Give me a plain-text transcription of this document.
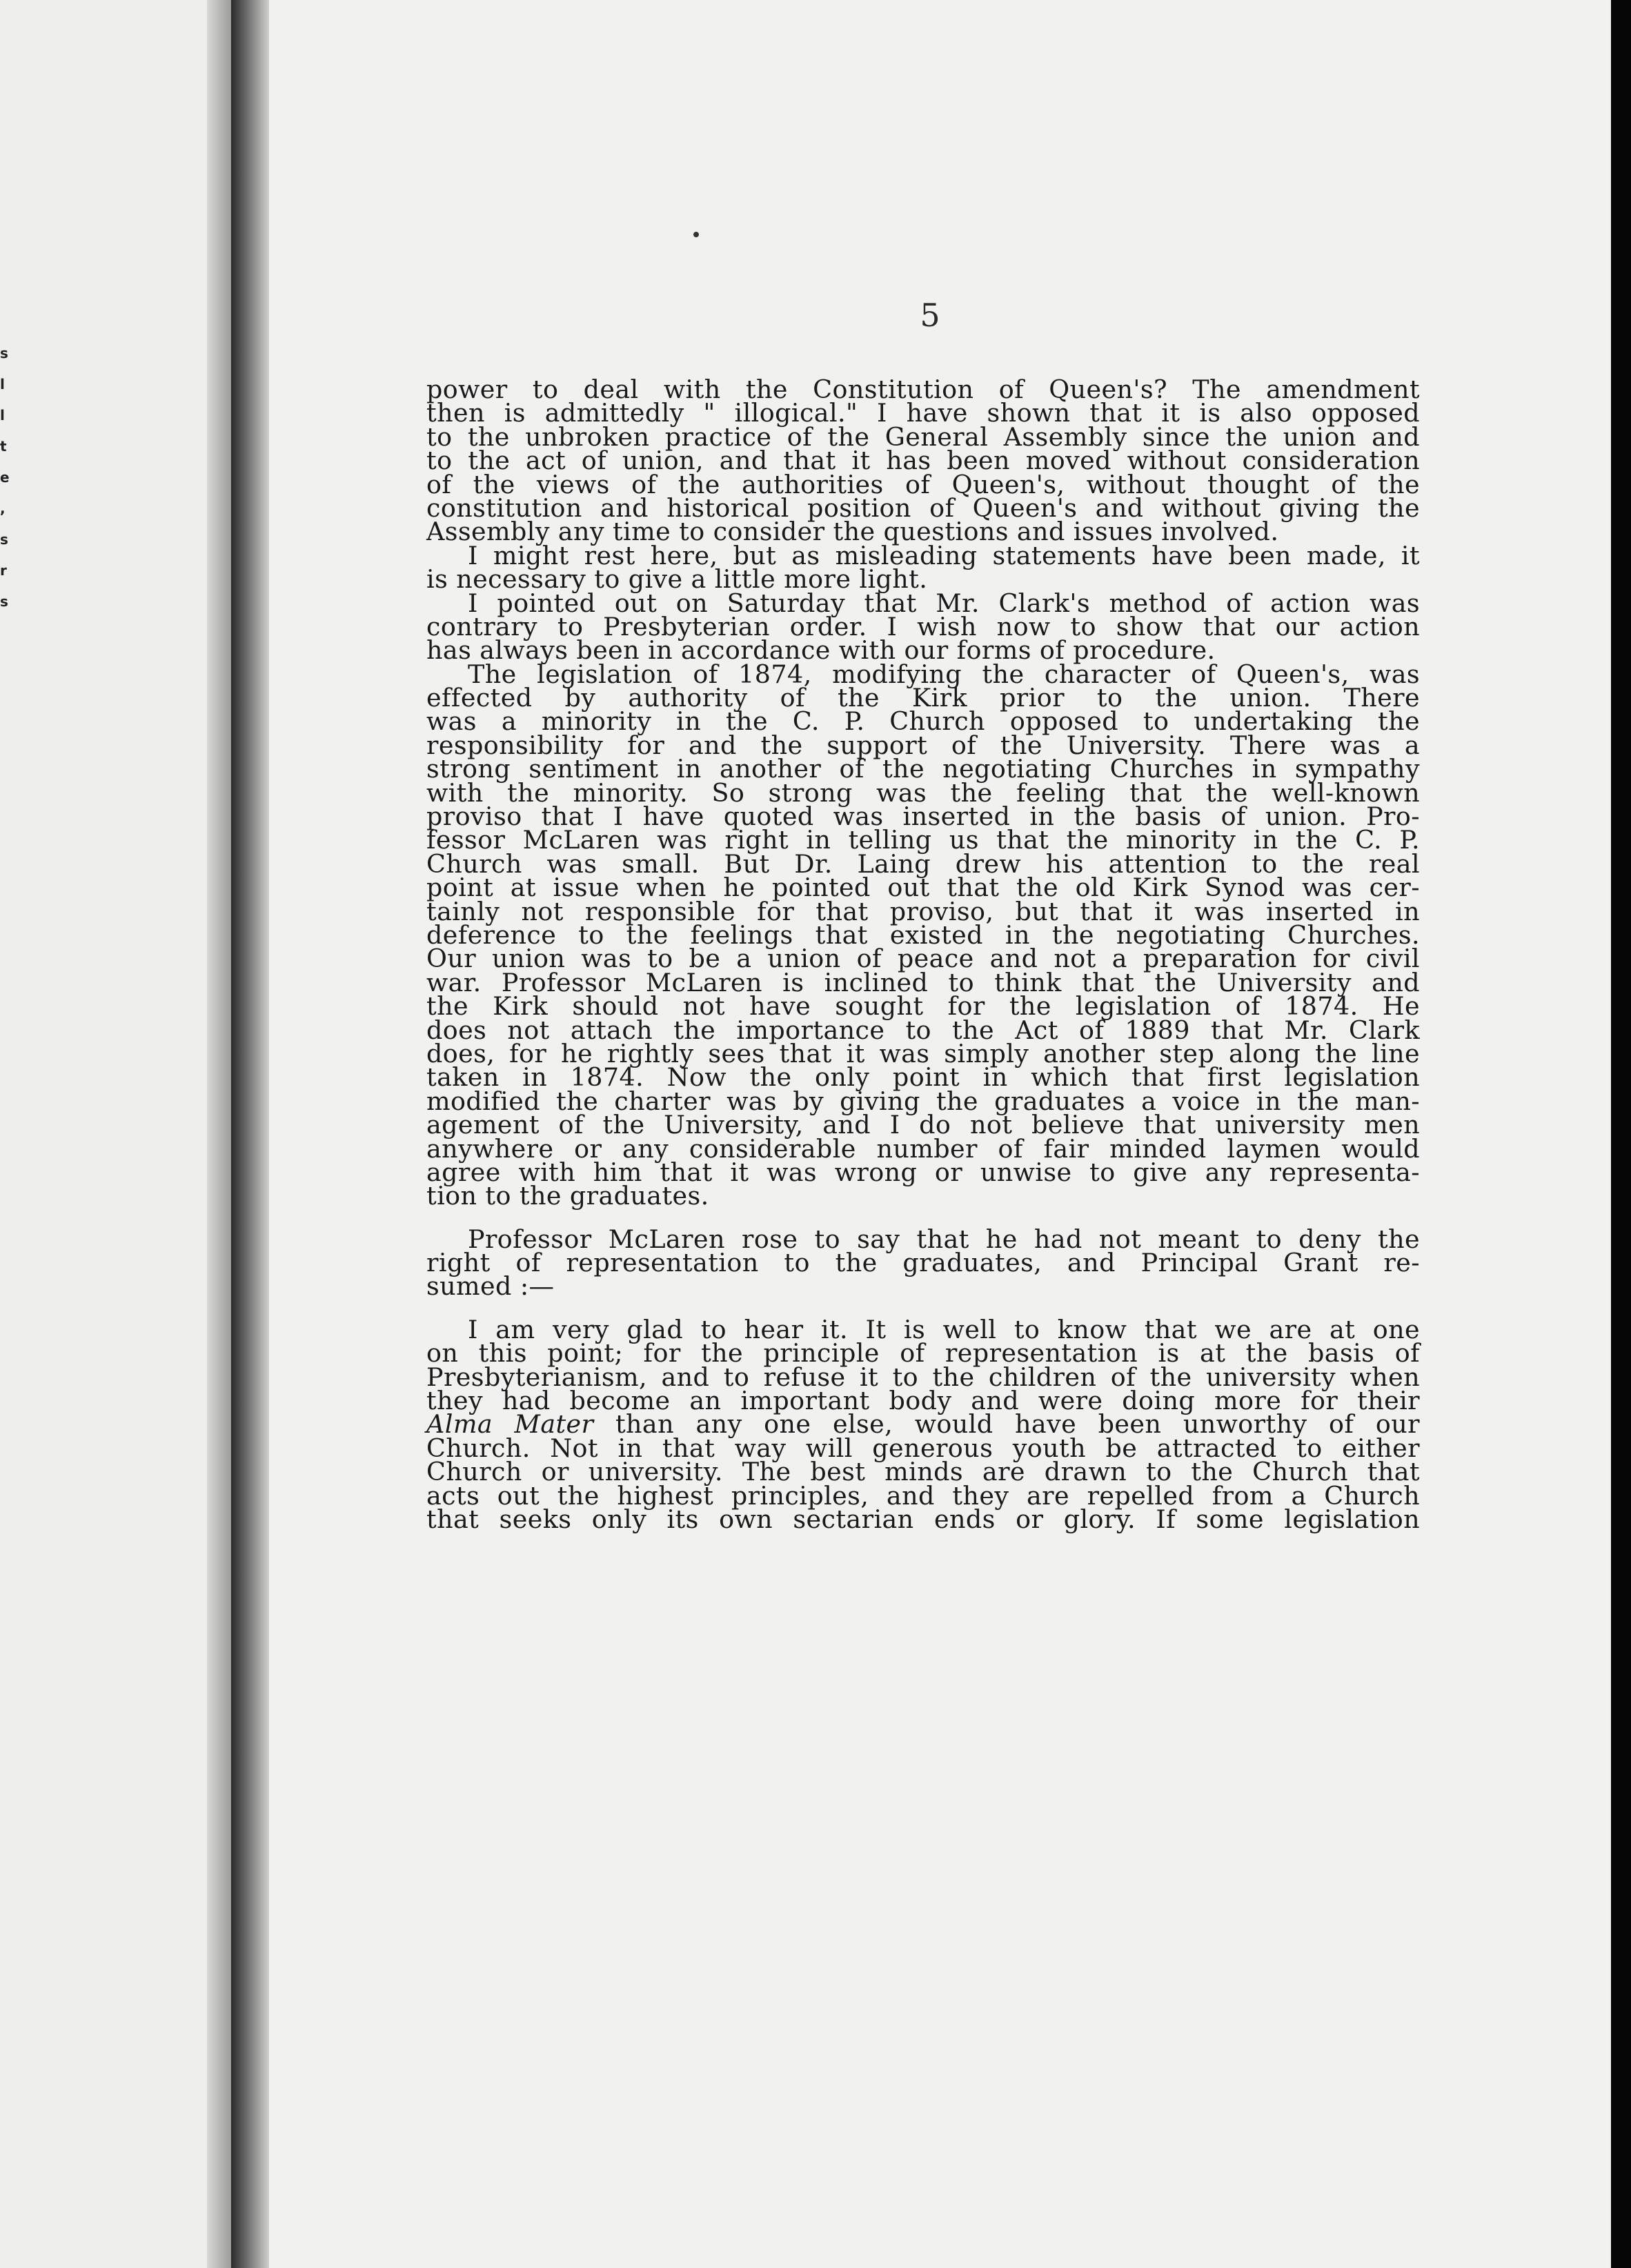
s
l
l
t
e
,
s
r
s
5
power to deal with the Constitution of Queen's? The amendment
then is admittedly " illogical." I have shown that it is also opposed
to the unbroken practice of the General Assembly since the union and
to the act of union, and that it has been moved without consideration
of the views of the authorities of Queen's, without thought of the
constitution and historical position of Queen's and without giving the
Assembly any time to consider the questions and issues involved.
I might rest here, but as misleading statements have been made, it
is necessary to give a little more light.
I pointed out on Saturday that Mr. Clark's method of action was
contrary to Presbyterian order. I wish now to show that our action
has always been in accordance with our forms of procedure.
The legislation of 1874, modifying the character of Queen's, was
effected by authority of the Kirk prior to the union. There
was a minority in the C. P. Church opposed to undertaking the
responsibility for and the support of the University. There was a
strong sentiment in another of the negotiating Churches in sympathy
with the minority. So strong was the feeling that the well-known
proviso that I have quoted was inserted in the basis of union. Pro-
fessor McLaren was right in telling us that the minority in the C. P.
Church was small. But Dr. Laing drew his attention to the real
point at issue when he pointed out that the old Kirk Synod was cer-
tainly not responsible for that proviso, but that it was inserted in
deference to the feelings that existed in the negotiating Churches.
Our union was to be a union of peace and not a preparation for civil
war. Professor McLaren is inclined to think that the University and
the Kirk should not have sought for the legislation of 1874. He
does not attach the importance to the Act of 1889 that Mr. Clark
does, for he rightly sees that it was simply another step along the line
taken in 1874. Now the only point in which that first legislation
modified the charter was by giving the graduates a voice in the man-
agement of the University, and I do not believe that university men
anywhere or any considerable number of fair minded laymen would
agree with him that it was wrong or unwise to give any representa-
tion to the graduates.
Professor McLaren rose to say that he had not meant to deny the
right of representation to the graduates, and Principal Grant re-
sumed :—
I am very glad to hear it. It is well to know that we are at one
on this point; for the principle of representation is at the basis of
Presbyterianism, and to refuse it to the children of the university when
they had become an important body and were doing more for their
Alma Mater than any one else, would have been unworthy of our
Church. Not in that way will generous youth be attracted to either
Church or university. The best minds are drawn to the Church that
acts out the highest principles, and they are repelled from a Church
that seeks only its own sectarian ends or glory. If some legislation
